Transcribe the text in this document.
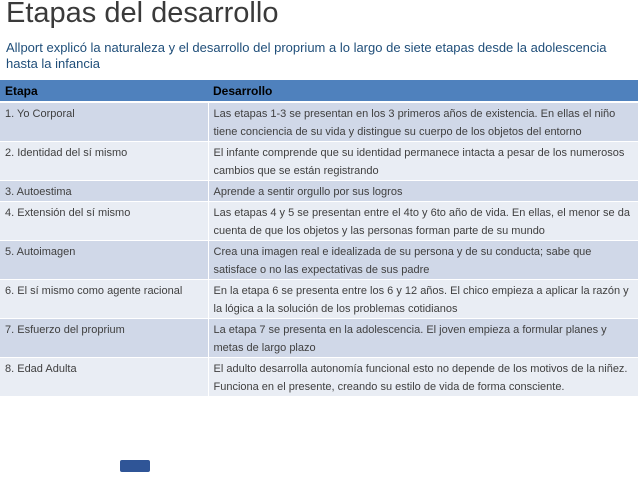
Etapas del desarrollo
Allport explicó la naturaleza y el desarrollo del proprium a lo largo de siete etapas desde la adolescencia hasta la infancia
Etapa	Desarrollo
1. Yo Corporal	Las etapas 1-3 se presentan en los 3 primeros años de existencia. En ellas el niño tiene conciencia de su vida y distingue su cuerpo de los objetos del entorno
2. Identidad del sí mismo	El infante comprende que su identidad permanece intacta a pesar de los numerosos cambios que se están registrando
3. Autoestima	Aprende a sentir orgullo por sus logros
4. Extensión del sí mismo	Las etapas 4 y 5 se presentan entre el 4to y 6to año de vida. En ellas, el menor se da cuenta de que los objetos y las personas forman parte de su mundo
5. Autoimagen	Crea una imagen real e idealizada de su persona y de su conducta; sabe que satisface o no las expectativas de sus padre
6. El sí mismo como agente racional	En la etapa 6 se presenta entre los 6 y 12 años. El chico empieza a aplicar la razón y la lógica a la solución de los problemas cotidianos
7. Esfuerzo del proprium	La etapa 7 se presenta en la adolescencia. El joven empieza a formular planes y metas de largo plazo
8. Edad Adulta	El adulto desarrolla autonomía funcional esto no depende de los motivos de la niñez. Funciona en el presente, creando su estilo de vida de forma consciente.
